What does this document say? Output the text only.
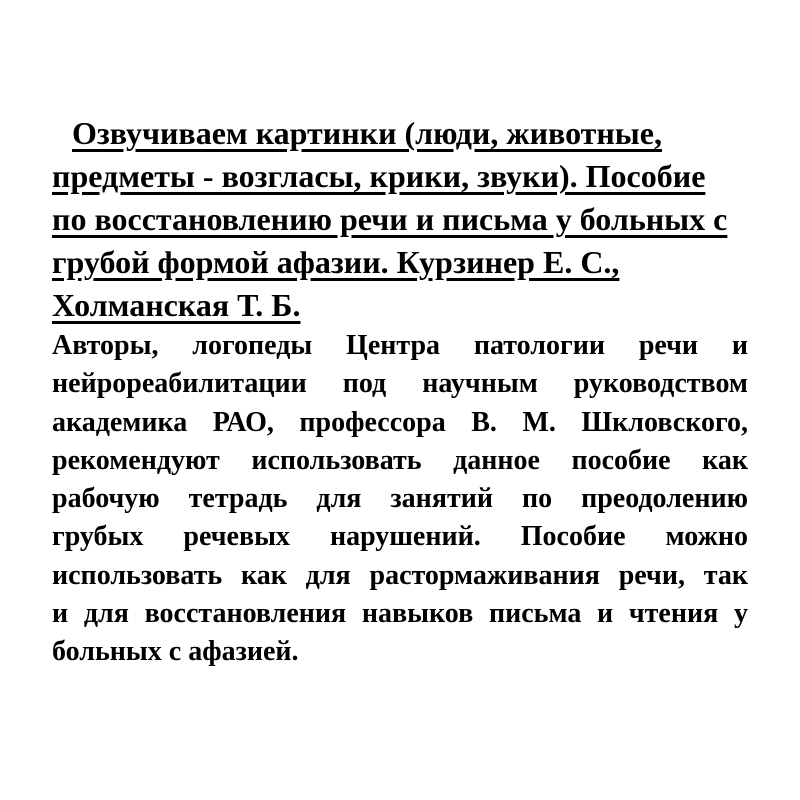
Озвучиваем картинки (люди, животные,
предметы - возгласы, крики, звуки). Пособие
по восстановлению речи и письма у больных с
грубой формой афазии. Курзинер Е. С.,
Холманская Т. Б.

Авторы, логопеды Центра патологии речи и
нейрореабилитации под научным руководством
академика РАО, профессора В. М. Шкловского,
рекомендуют использовать данное пособие как
рабочую тетрадь для занятий по преодолению
грубых речевых нарушений. Пособие можно
использовать как для растормаживания речи, так
и для восстановления навыков письма и чтения у
больных с афазией.
